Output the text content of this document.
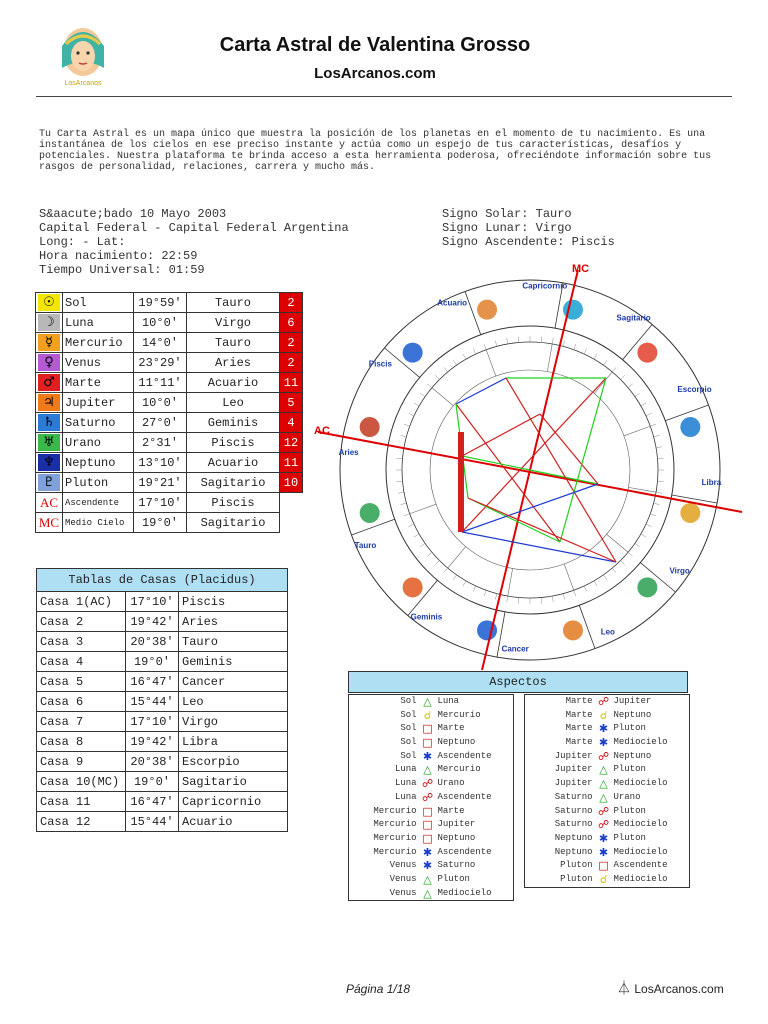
LosArcanos
Carta Astral de Valentina Grosso
LosArcanos.com
Tu Carta Astral es un mapa único que muestra la posición de los planetas en el momento de tu nacimiento. Es una instantánea de los cielos en ese preciso instante y actúa como un espejo de tus características, desafíos y potenciales. Nuestra plataforma te brinda acceso a esta herramienta poderosa, ofreciéndote información sobre tus rasgos de personalidad, relaciones, carrera y mucho más.
S&aacute;bado 10 Mayo 2003
Capital Federal - Capital Federal Argentina
Long: - Lat:
Hora nacimiento: 22:59
Tiempo Universal: 01:59
Signo Solar: Tauro
Signo Lunar: Virgo
Signo Ascendente: Piscis
☉	Sol	19°59'	Tauro	2
☽	Luna	10°0'	Virgo	6
☿	Mercurio	14°0'	Tauro	2
♀	Venus	23°29'	Aries	2
♂	Marte	11°11'	Acuario	11
♃	Jupiter	10°0'	Leo	5
♄	Saturno	27°0'	Geminis	4
♅	Urano	2°31'	Piscis	12
♆	Neptuno	13°10'	Acuario	11
♇	Pluton	19°21'	Sagitario	10
AC	Ascendente	17°10'	Piscis	
MC	Medio Cielo	19°0'	Sagitario	
Tablas de Casas (Placidus)		
Casa 1(AC)	17°10'	Piscis
Casa 2	19°42'	Aries
Casa 3	20°38'	Tauro
Casa 4	19°0'	Geminis
Casa 5	16°47'	Cancer
Casa 6	15°44'	Leo
Casa 7	17°10'	Virgo
Casa 8	19°42'	Libra
Casa 9	20°38'	Escorpio
Casa 10(MC)	19°0'	Sagitario
Casa 11	16°47'	Capricornio
Casa 12	15°44'	Acuario
Capricornio
Sagitario
Escorpio
Libra
Virgo
Leo
Cancer
Geminis
Tauro
Aries
Piscis
Acuario
AC
MC
Aspectos
Sol △ Luna
Sol ☌ Mercurio
Sol □ Marte
Sol □ Neptuno
Sol ✱ Ascendente
Luna △ Mercurio
Luna ☍ Urano
Luna ☍ Ascendente
Mercurio □ Marte
Mercurio □ Jupiter
Mercurio □ Neptuno
Mercurio ✱ Ascendente
Venus ✱ Saturno
Venus △ Pluton
Venus △ Mediocielo
Marte ☍ Jupiter
Marte ☌ Neptuno
Marte ✱ Pluton
Marte ✱ Mediocielo
Jupiter ☍ Neptuno
Jupiter △ Pluton
Jupiter △ Mediocielo
Saturno △ Urano
Saturno ☍ Pluton
Saturno ☍ Mediocielo
Neptuno ✱ Pluton
Neptuno ✱ Mediocielo
Pluton □ Ascendente
Pluton ☌ Mediocielo
Página 1/18	⏃ LosArcanos.com
